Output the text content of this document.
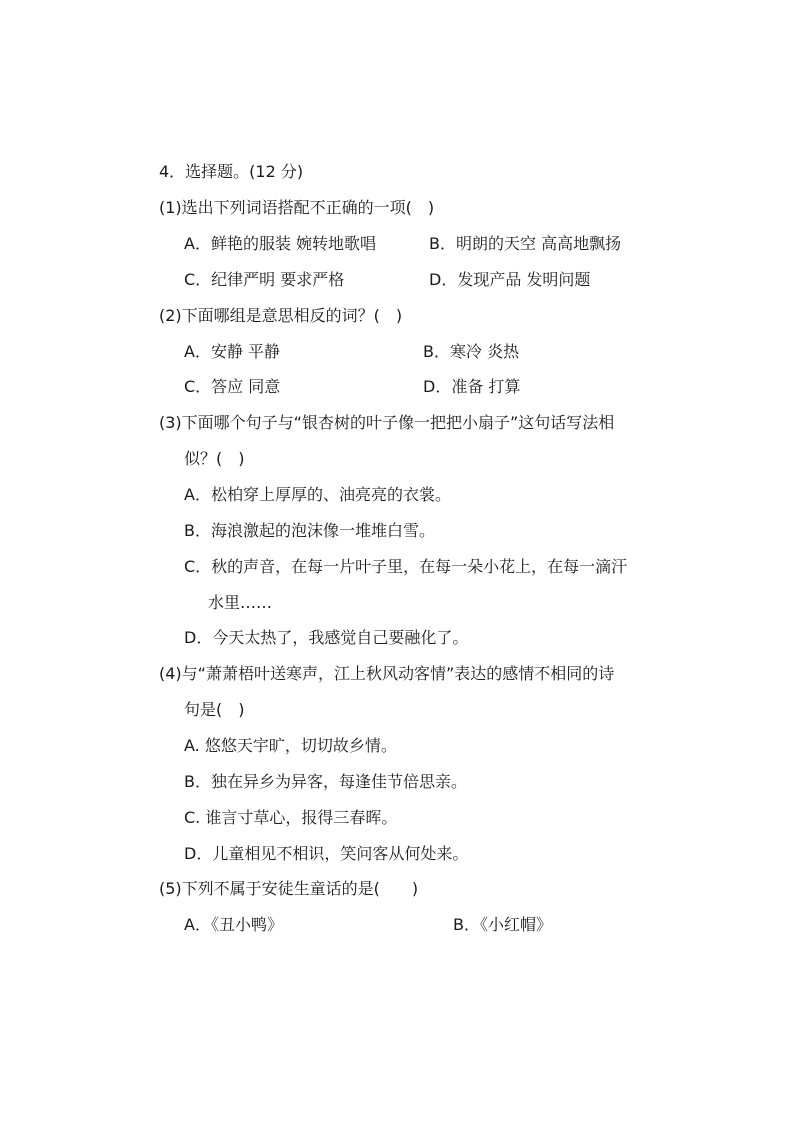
4．选择题。(12 分)
(1)选出下列词语搭配不正确的一项(　)
A．鲜艳的服装 婉转地歌唱	B．明朗的天空 高高地飘扬
C．纪律严明 要求严格	D．发现产品 发明问题
(2)下面哪组是意思相反的词？(　)
A．安静 平静	B．寒冷 炎热
C．答应 同意	D．准备 打算
(3)下面哪个句子与“银杏树的叶子像一把把小扇子”这句话写法相
似？(　)
A．松柏穿上厚厚的、油亮亮的衣裳。
B．海浪激起的泡沫像一堆堆白雪。
C．秋的声音，在每一片叶子里，在每一朵小花上，在每一滴汗
水里……
D．今天太热了，我感觉自己要融化了。
(4)与“萧萧梧叶送寒声，江上秋风动客情”表达的感情不相同的诗
句是(　)
A. 悠悠天宇旷，切切故乡情。
B．独在异乡为异客，每逢佳节倍思亲。
C. 谁言寸草心，报得三春晖。
D．儿童相见不相识，笑问客从何处来。
(5)下列不属于安徒生童话的是(　　)
A．《丑小鸭》	B．《小红帽》
